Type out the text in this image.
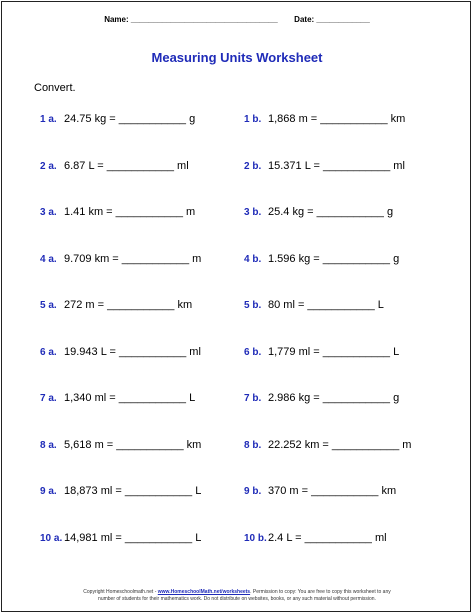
Name: _________________________________ Date: ____________
Measuring Units Worksheet
Convert.
1 a. 24.75 kg = ___________ g	1 b. 1,868 m = ___________ km
2 a. 6.87 L = ___________ ml	2 b. 15.371 L = ___________ ml
3 a. 1.41 km = ___________ m	3 b. 25.4 kg = ___________ g
4 a. 9.709 km = ___________ m	4 b. 1.596 kg = ___________ g
5 a. 272 m = ___________ km	5 b. 80 ml = ___________ L
6 a. 19.943 L = ___________ ml	6 b. 1,779 ml = ___________ L
7 a. 1,340 ml = ___________ L	7 b. 2.986 kg = ___________ g
8 a. 5,618 m = ___________ km	8 b. 22.252 km = ___________ m
9 a. 18,873 ml = ___________ L	9 b. 370 m = ___________ km
10 a. 14,981 ml = ___________ L	10 b.2.4 L = ___________ ml
Copyright Homeschoolmath.net - www.HomeschoolMath.net/worksheets. Permission to copy: You are free to copy this worksheet to any
number of students for their mathematics work. Do not distribute on websites, books, or any such material without permission.
